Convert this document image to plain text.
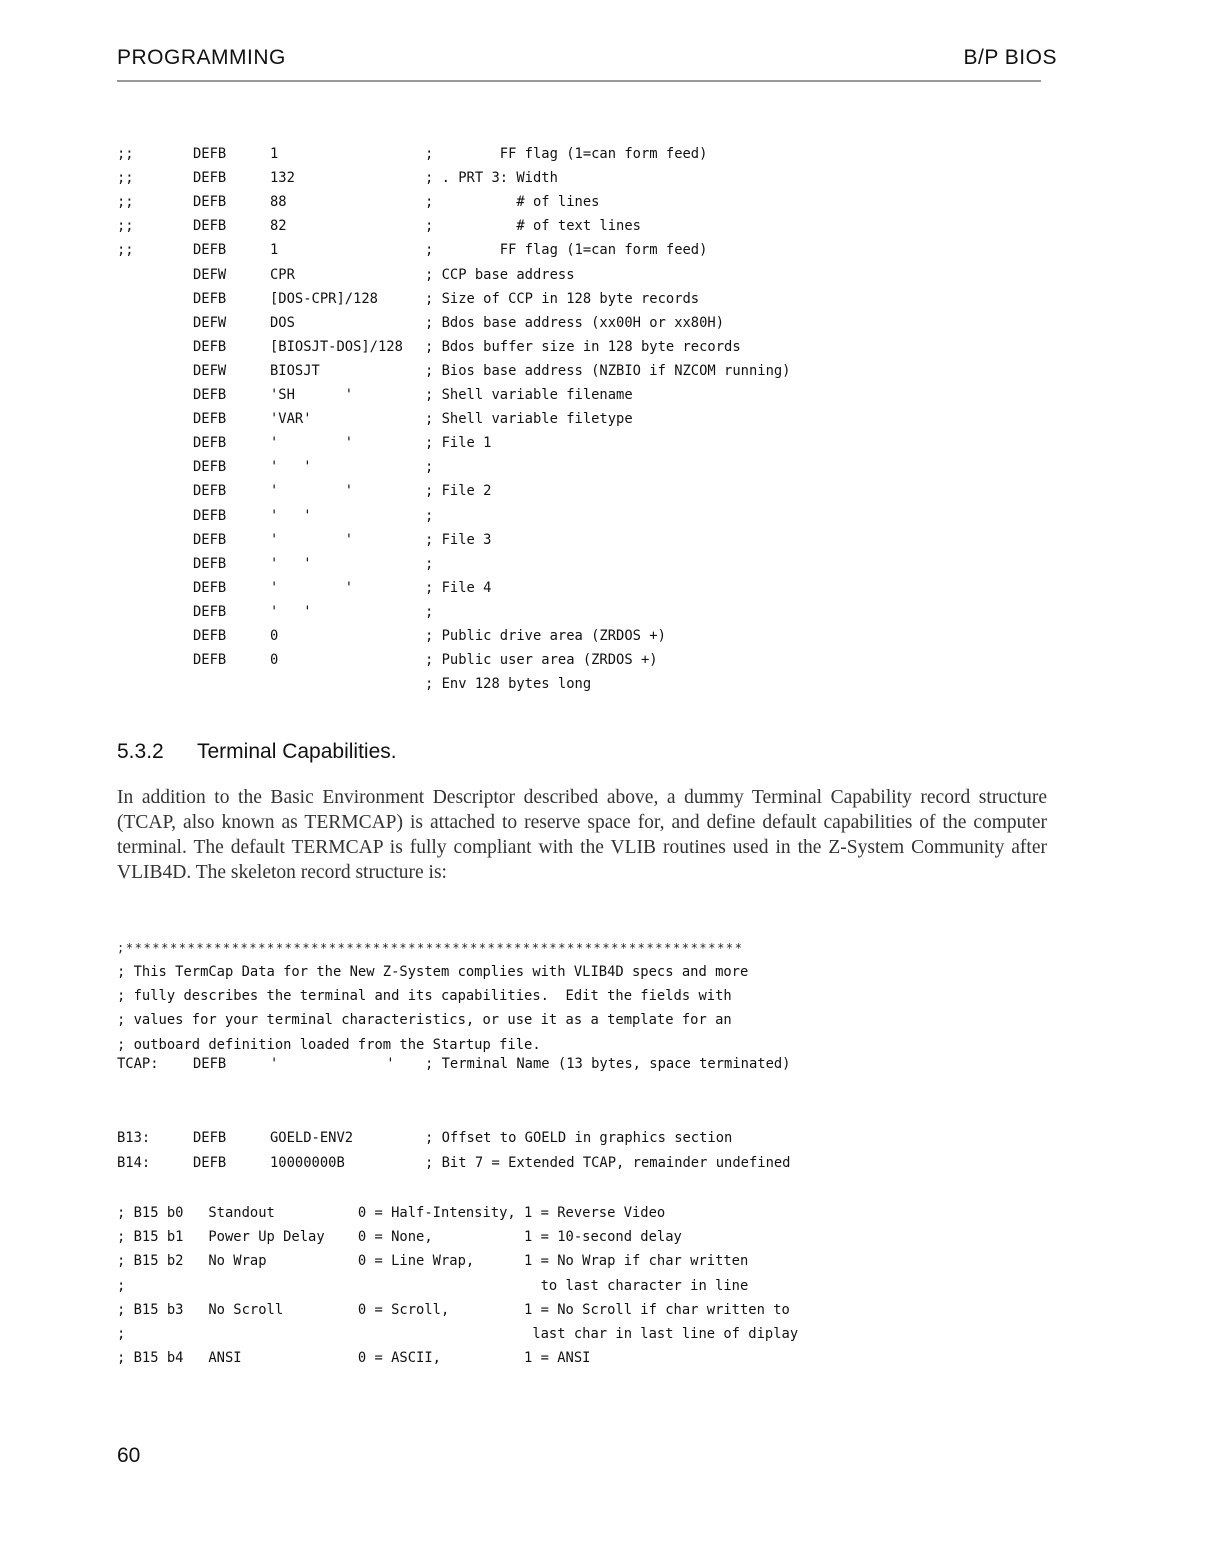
PROGRAMMING	B/P BIOS
;;	DEFB	1	;        FF flag (1=can form feed)
;;	DEFB	132	; . PRT 3: Width
;;	DEFB	88	;          # of lines
;;	DEFB	82	;          # of text lines
;;	DEFB	1	;        FF flag (1=can form feed)
DEFW	CPR	; CCP base address
DEFB	[DOS-CPR]/128	; Size of CCP in 128 byte records
DEFW	DOS	; Bdos base address (xx00H or xx80H)
DEFB	[BIOSJT-DOS]/128 ; Bdos buffer size in 128 byte records
DEFW	BIOSJT	; Bios base address (NZBIO if NZCOM running)
DEFB	'SH      '	; Shell variable filename
DEFB	'VAR'	; Shell variable filetype
DEFB	'        '	; File 1
DEFB	'   '	;
DEFB	'        '	; File 2
DEFB	'   '	;
DEFB	'        '	; File 3
DEFB	'   '	;
DEFB	'        '	; File 4
DEFB	'   '	;
DEFB	0	; Public drive area (ZRDOS +)
DEFB	0	; Public user area (ZRDOS +)
; Env 128 bytes long
5.3.2 Terminal Capabilities.
In addition to the Basic Environment Descriptor described above, a dummy Terminal Capability record structure (TCAP, also known as TERMCAP) is attached to reserve space for, and define default capabilities of the computer terminal. The default TERMCAP is fully compliant with the VLIB routines used in the Z-System Community after VLIB4D. The skeleton record structure is:
;**********************************************************************
; This TermCap Data for the New Z-System complies with VLIB4D specs and more
; fully describes the terminal and its capabilities.  Edit the fields with
; values for your terminal characteristics, or use it as a template for an
; outboard definition loaded from the Startup file.
TCAP: DEFB	'             ' ; Terminal Name (13 bytes, space terminated)
B13:	DEFB	GOELD-ENV2	; Offset to GOELD in graphics section
B14:	DEFB	10000000B	; Bit 7 = Extended TCAP, remainder undefined
; B15 b0   Standout          0 = Half-Intensity, 1 = Reverse Video
; B15 b1   Power Up Delay    0 = None,           1 = 10-second delay
; B15 b2   No Wrap           0 = Line Wrap,      1 = No Wrap if char written
;                                                  to last character in line
; B15 b3   No Scroll         0 = Scroll,         1 = No Scroll if char written to
;                                                 last char in last line of diplay
; B15 b4   ANSI              0 = ASCII,          1 = ANSI
60
